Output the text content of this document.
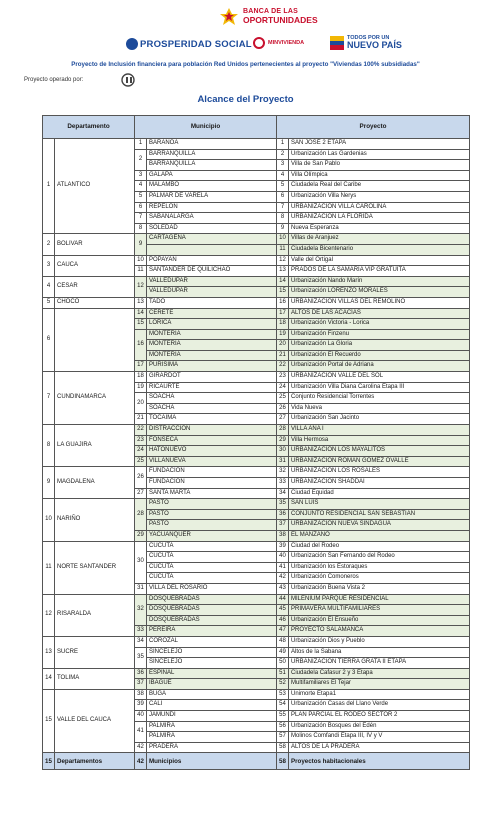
BANCA DE LAS
OPORTUNIDADES
PROSPERIDAD SOCIAL	MINVIVIENDA
TODOS POR UN
NUEVO PAÍS
Proyecto de Inclusión financiera para población Red Unidos pertenecientes al proyecto "Viviendas 100% subsidiadas"
Proyecto operado por:
Alcance del Proyecto
Departamento		Municipio		Proyecto	
1	ATLANTICO	1	BARANOA	1	SAN JOSÉ 2 ETAPA
		2	BARRANQUILLA	2	Urbanización Las Gardenias
			BARRANQUILLA	3	Villa de San Pablo
		3	GALAPA	4	Villa Olímpica
		4	MALAMBO	5	Ciudadela Real del Caribe
		5	PALMAR DE VARELA	6	Urbanización Villa Nerys
		6	REPELON	7	URBANIZACIÓN VILLA CAROLINA
		7	SABANALARGA	8	URBANIZACIÓN LA FLORIDA
		8	SOLEDAD	9	Nueva Esperanza
2	BOLIVAR	9	CARTAGENA	10	Villas de Aranjuez
				11	Ciudadela Bicentenario
3	CAUCA	10	POPAYAN	12	Valle del Ortigal
		11	SANTANDER DE QUILICHAO	13	PRADOS DE LA SAMARIA VIP GRATUITA
4	CESAR	12	VALLEDUPAR	14	Urbanización Nando Marín
			VALLEDUPAR	15	Urbanización LORENZO MORALES
5	CHOCO	13	TADO	16	URBANIZACIÓN VILLAS DEL REMOLINO
6		14	CERETE	17	ALTOS DE LAS ACACÍAS
		15	LORICA	18	Urbanización Victoria - Lorica
		16	MONTERIA	19	Urbanización Finzenu
			MONTERIA	20	Urbanización La Gloria
			MONTERIA	21	Urbanización El Recuerdo
		17	PURISIMA	22	Urbanización Portal de Adriana
7	CUNDINAMARCA	18	GIRARDOT	23	URBANIZACIÓN VALLE DEL SOL
		19	RICAURTE	24	Urbanización Villa Diana Carolina Etapa III
		20	SOACHA	25	Conjunto Residencial Torrentes
			SOACHA	26	Vida Nueva
		21	TOCAIMA	27	Urbanización San Jacinto
8	LA GUAJIRA	22	DISTRACCION	28	VILLA ANA I
		23	FONSECA	29	Villa Hermosa
		24	HATONUEVO	30	URBANIZACIÓN LOS MAYALITOS
		25	VILLANUEVA	31	URBANIZACIÓN ROMAN GÓMEZ OVALLE
9	MAGDALENA	26	FUNDACION	32	URBANIZACIÓN LOS ROSALES
			FUNDACION	33	URBANIZACIÓN SHADDAI
		27	SANTA MARTA	34	Ciudad Equidad
10	NARIÑO	28	PASTO	35	SAN LUIS
			PASTO	36	CONJUNTO RESIDENCIAL SAN SEBASTIAN
			PASTO	37	URBANIZACIÓN NUEVA SINDAGUA
		29	YACUANQUER	38	EL MANZANO
11	NORTE SANTANDER	30	CUCUTA	39	Ciudad del Rodeo
			CUCUTA	40	Urbanización San Fernando del Rodeo
			CUCUTA	41	Urbanización los Estoraques
			CUCUTA	42	Urbanización Comoneros
		31	VILLA DEL ROSARIO	43	Urbanización Buena Vista 2
12	RISARALDA	32	DOSQUEBRADAS	44	MILENIUM PARQUE RESIDENCIAL
			DOSQUEBRADAS	45	PRIMAVERA MULTIFAMILIARES
			DOSQUEBRADAS	46	Urbanización El Ensueño
		33	PEREIRA	47	PROYECTO SALAMANCA
13	SUCRE	34	COROZAL	48	Urbanización Dios y Pueblo
		35	SINCELEJO	49	Altos de la Sabana
			SINCELEJO	50	URBANIZACION TIERRA GRATA II ETAPA
14	TOLIMA	36	ESPINAL	51	Ciudadela Cafasur 2 y 3 Etapa
		37	IBAGUE	52	Multifamiliares El Tejar
15	VALLE DEL CAUCA	38	BUGA	53	Unimorte Etapa1
		39	CALI	54	Urbanización Casas del Llano Verde
		40	JAMUNDI	55	PLAN PARCIAL EL RODEO SECTOR 2
		41	PALMIRA	56	Urbanización Bosques del Edén
			PALMIRA	57	Molinos Comfandi Etapa III, IV y V
		42	PRADERA	58	ALTOS DE LA PRADERA
15	Departamentos	42	Municipios	58	Proyectos habitacionales
